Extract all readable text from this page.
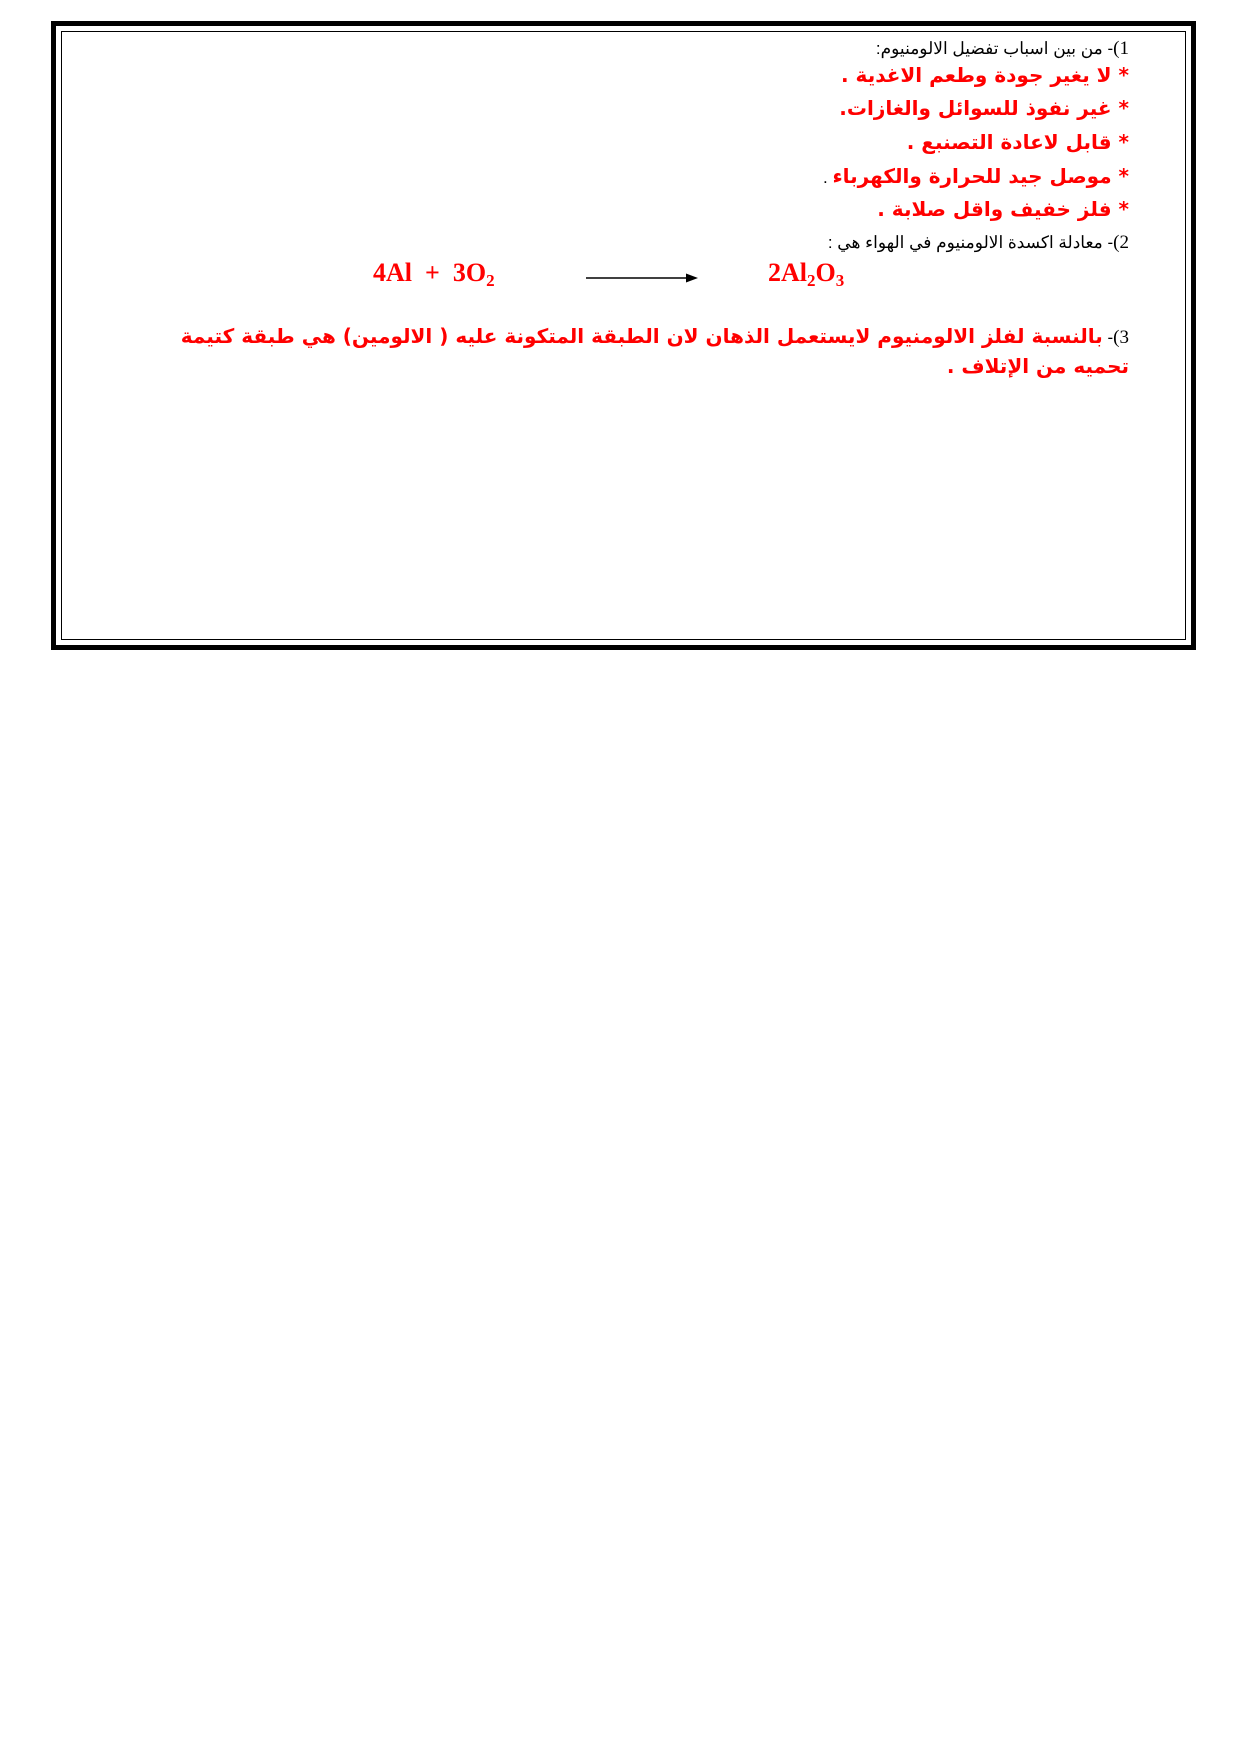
1)- من بين اسباب تفضيل الالومنيوم:
* لا يغير جودة وطعم الاغدية .
* غير نفوذ للسوائل والغازات.
* قابل لاعادة التصنبع .
* موصل جيد للحرارة والكهرباء .
* فلز خفيف واقل صلابة .
2)- معادلة اكسدة الالومنيوم في الهواء هي :
$4Al + 3O_2$	$2Al_2O_3$
3)- بالنسبة لفلز الالومنيوم لايستعمل الذهان لان الطبقة المتكونة عليه ( الالومين) هي طبقة كتيمة تحميه من الإتلاف .
